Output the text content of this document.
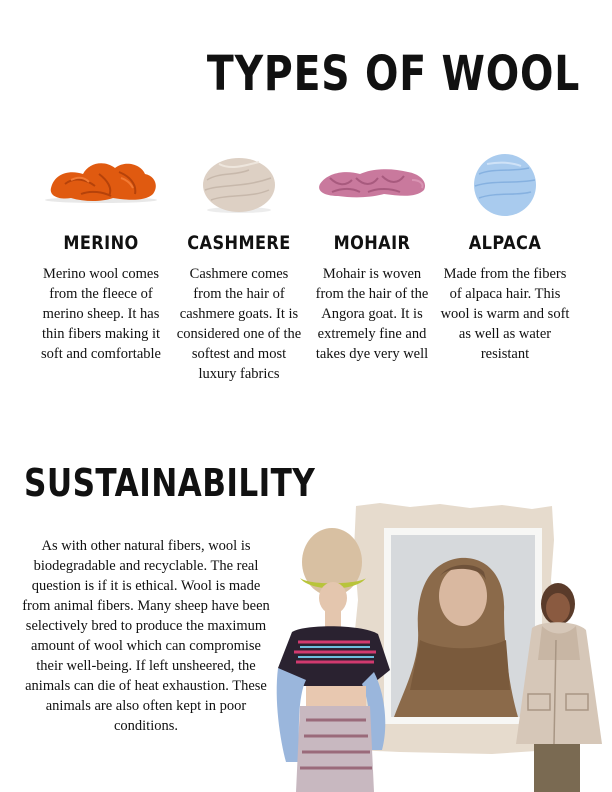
TYPES OF WOOL
MERINO

Merino wool comes from the fleece of merino sheep. It has thin fibers making it soft and comfortable

CASHMERE

Cashmere comes from the hair of cashmere goats. It is considered one of the softest and most luxury fabrics

MOHAIR

Mohair is woven from the hair of the Angora goat. It is extremely fine and takes dye very well

ALPACA

Made from the fibers of alpaca hair. This wool is warm and soft as well as water resistant

SUSTAINABILITY

As with other natural fibers, wool is biodegradable and recyclable. The real question is if it is ethical. Wool is made from animal fibers. Many sheep have been selectively bred to produce the maximum amount of wool which can compromise their well-being. If left unsheered, the animals can die of heat exhaustion. These animals are also often kept in poor conditions.
